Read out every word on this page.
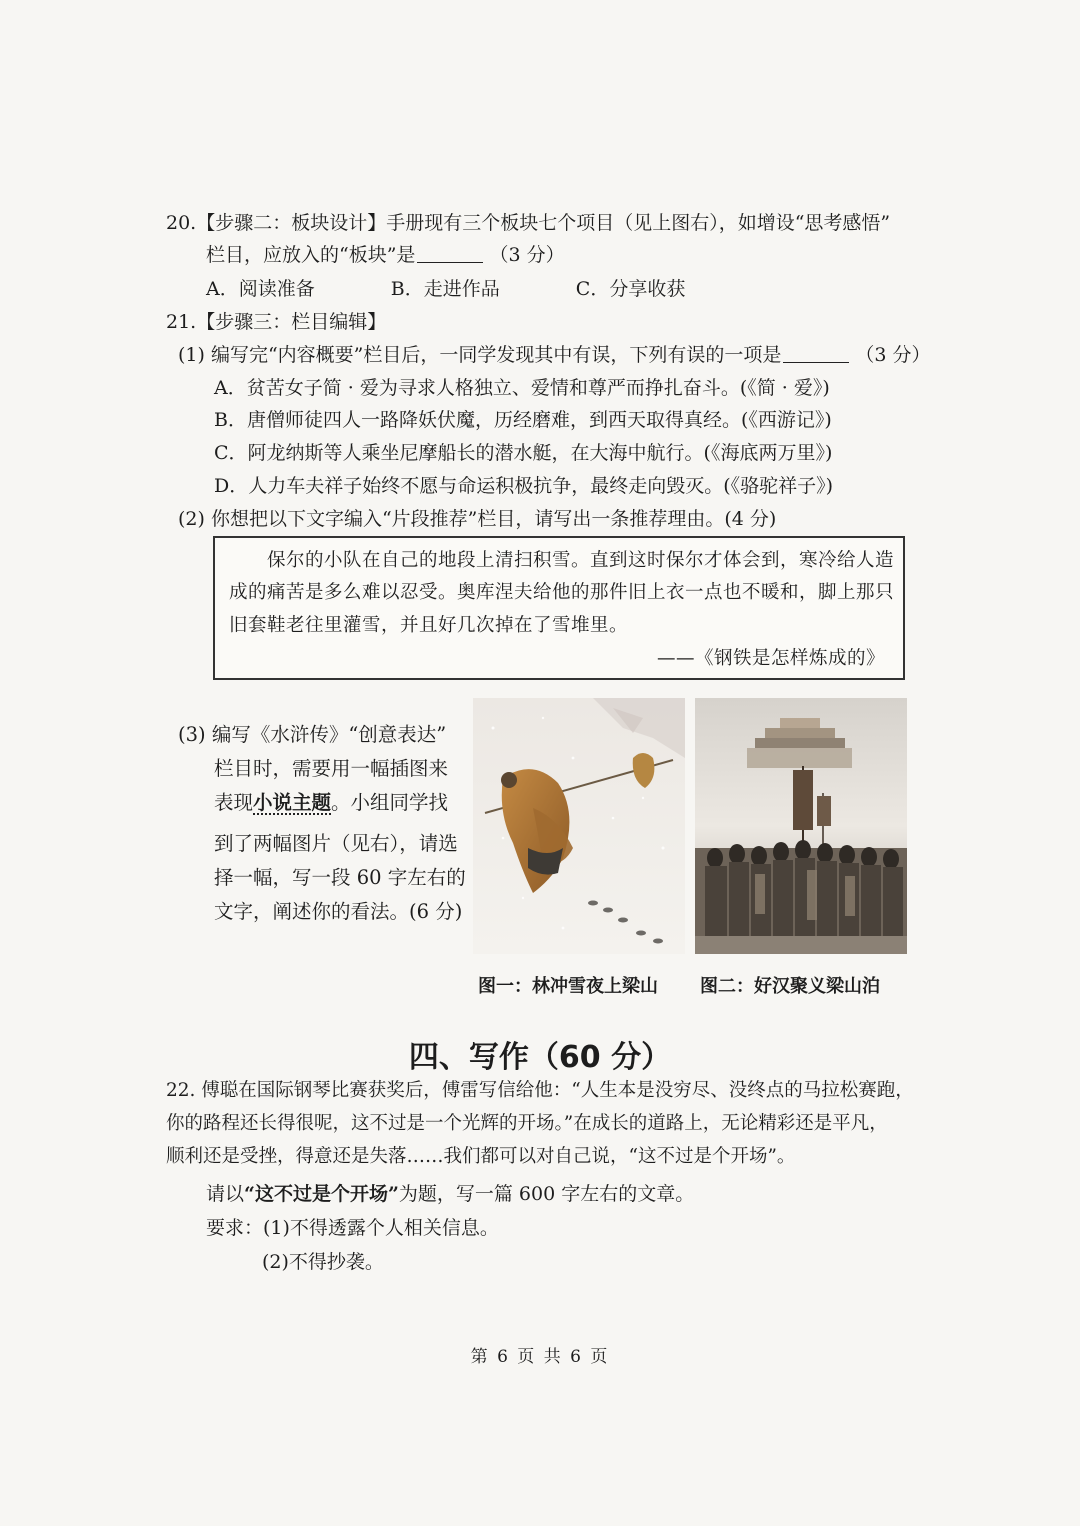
20.【步骤二：板块设计】手册现有三个板块七个项目（见上图右），如增设“思考感悟”
栏目，应放入的“板块”是	（3 分）
A．阅读准备	B．走进作品	C．分享收获
21.【步骤三：栏目编辑】
(1) 编写完“内容概要”栏目后，一同学发现其中有误，下列有误的一项是	（3 分）
A．贫苦女子简 · 爱为寻求人格独立、爱情和尊严而挣扎奋斗。(《简 · 爱》)
B．唐僧师徒四人一路降妖伏魔，历经磨难，到西天取得真经。(《西游记》)
C．阿龙纳斯等人乘坐尼摩船长的潜水艇，在大海中航行。(《海底两万里》)
D．人力车夫祥子始终不愿与命运积极抗争，最终走向毁灭。(《骆驼祥子》)
(2) 你想把以下文字编入“片段推荐”栏目，请写出一条推荐理由。(4 分)
保尔的小队在自己的地段上清扫积雪。直到这时保尔才体会到，寒冷给人造
成的痛苦是多么难以忍受。奥库涅夫给他的那件旧上衣一点也不暖和，脚上那只
旧套鞋老往里灌雪，并且好几次掉在了雪堆里。
——《钢铁是怎样炼成的》
(3) 编写《水浒传》“创意表达”
栏目时，需要用一幅插图来
表现小说主题。小组同学找
到了两幅图片（见右），请选
择一幅，写一段 60 字左右的
文字，阐述你的看法。(6 分)
图一：林冲雪夜上梁山 图二：好汉聚义梁山泊
四、写作（60 分）
22. 傅聪在国际钢琴比赛获奖后，傅雷写信给他：“人生本是没穷尽、没终点的马拉松赛跑，
你的路程还长得很呢，这不过是一个光辉的开场。”在成长的道路上，无论精彩还是平凡，
顺利还是受挫，得意还是失落……我们都可以对自己说，“这不过是个开场”。
请以“这不过是个开场”为题，写一篇 600 字左右的文章。
要求：(1)不得透露个人相关信息。
(2)不得抄袭。
第 6 页 共 6 页
